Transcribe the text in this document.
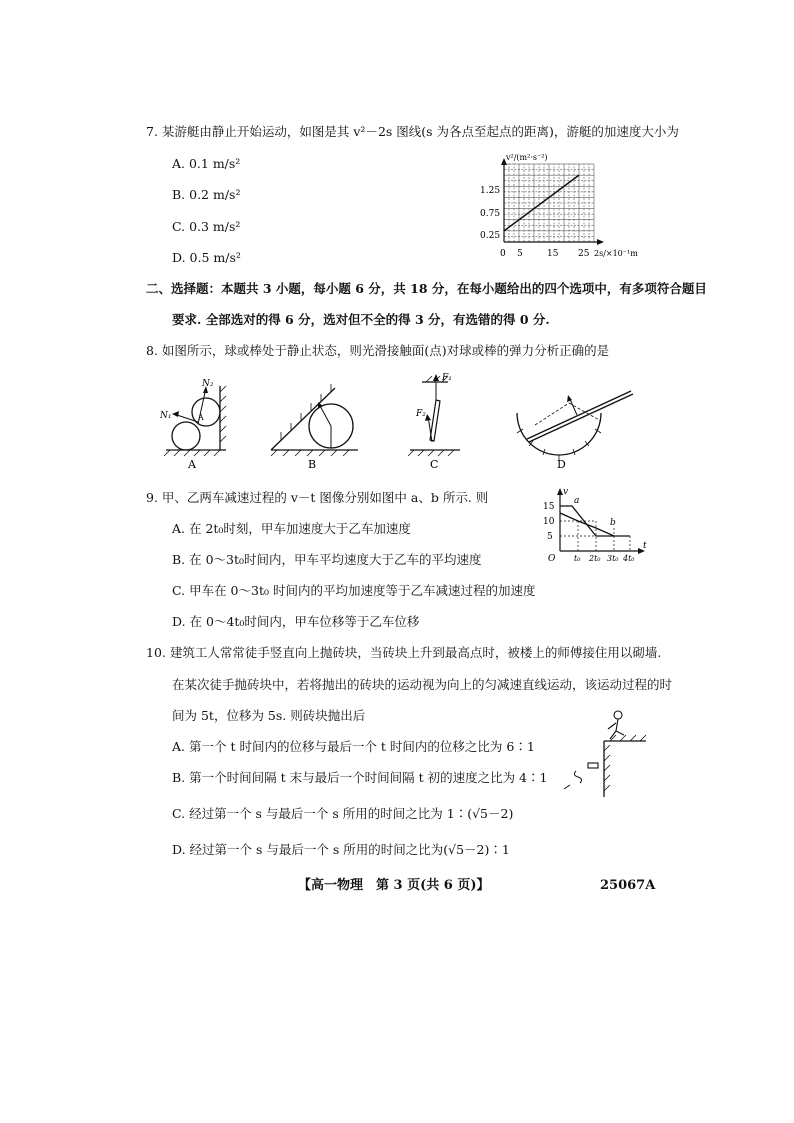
7. 某游艇由静止开始运动，如图是其 v²－2s 图线(s 为各点至起点的距离)，游艇的加速度大小为
A. 0.1 m/s²
B. 0.2 m/s²
C. 0.3 m/s²
D. 0.5 m/s²
v²/(m²·s⁻²)
2s/×10⁻¹m
0.25
0.75
1.25
0 5	15 25
二、选择题：本题共 3 小题，每小题 6 分，共 18 分，在每小题给出的四个选项中，有多项符合题目
要求. 全部选对的得 6 分，选对但不全的得 3 分，有选错的得 0 分.
8. 如图所示，球或棒处于静止状态，则光滑接触面(点)对球或棒的弹力分析正确的是
N₂
N₁	A
A	B
F₁
F₂
C	D
9. 甲、乙两车减速过程的 v－t 图像分别如图中 a、b 所示. 则
A. 在 2t₀时刻，甲车加速度大于乙车加速度
B. 在 0～3t₀时间内，甲车平均速度大于乙车的平均速度
C. 甲车在 0～3t₀ 时间内的平均加速度等于乙车减速过程的加速度
D. 在 0～4t₀时间内，甲车位移等于乙车位移
v
t
O
15
10
5
t₀ 2t₀ 3t₀ 4t₀
a
b
10. 建筑工人常常徒手竖直向上抛砖块，当砖块上升到最高点时，被楼上的师傅接住用以砌墙.
在某次徒手抛砖块中，若将抛出的砖块的运动视为向上的匀减速直线运动，该运动过程的时
间为 5t，位移为 5s. 则砖块抛出后
A. 第一个 t 时间内的位移与最后一个 t 时间内的位移之比为 6∶1
B. 第一个时间间隔 t 末与最后一个时间间隔 t 初的速度之比为 4∶1
C. 经过第一个 s 与最后一个 s 所用的时间之比为 1∶(√5－2)
D. 经过第一个 s 与最后一个 s 所用的时间之比为(√5－2)∶1
【高一物理　第 3 页(共 6 页)】	25067A
